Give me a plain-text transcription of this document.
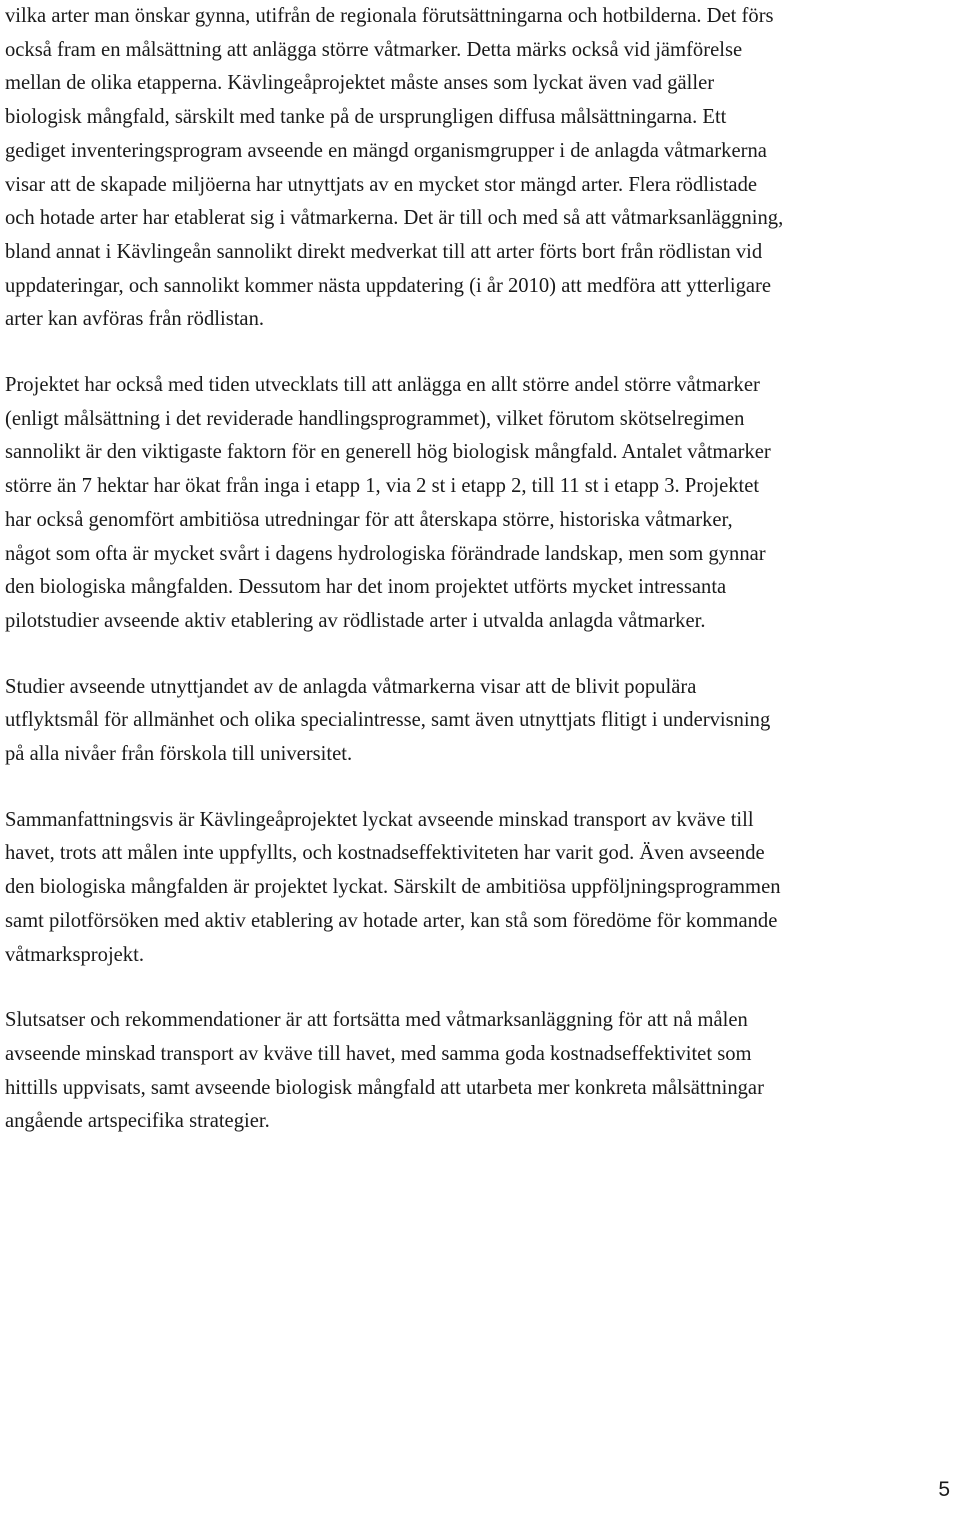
vilka arter man önskar gynna, utifrån de regionala förutsättningarna och hotbilderna. Det förs
också fram en målsättning att anlägga större våtmarker. Detta märks också vid jämförelse
mellan de olika etapperna. Kävlingeåprojektet måste anses som lyckat även vad gäller
biologisk mångfald, särskilt med tanke på de ursprungligen diffusa målsättningarna. Ett
gediget inventeringsprogram avseende en mängd organismgrupper i de anlagda våtmarkerna
visar att de skapade miljöerna har utnyttjats av en mycket stor mängd arter. Flera rödlistade
och hotade arter har etablerat sig i våtmarkerna. Det är till och med så att våtmarksanläggning,
bland annat i Kävlingeån sannolikt direkt medverkat till att arter förts bort från rödlistan vid
uppdateringar, och sannolikt kommer nästa uppdatering (i år 2010) att medföra att ytterligare
arter kan avföras från rödlistan.
Projektet har också med tiden utvecklats till att anlägga en allt större andel större våtmarker
(enligt målsättning i det reviderade handlingsprogrammet), vilket förutom skötselregimen
sannolikt är den viktigaste faktorn för en generell hög biologisk mångfald. Antalet våtmarker
större än 7 hektar har ökat från inga i etapp 1, via 2 st i etapp 2, till 11 st i etapp 3. Projektet
har också genomfört ambitiösa utredningar för att återskapa större, historiska våtmarker,
något som ofta är mycket svårt i dagens hydrologiska förändrade landskap, men som gynnar
den biologiska mångfalden. Dessutom har det inom projektet utförts mycket intressanta
pilotstudier avseende aktiv etablering av rödlistade arter i utvalda anlagda våtmarker.
Studier avseende utnyttjandet av de anlagda våtmarkerna visar att de blivit populära
utflyktsmål för allmänhet och olika specialintresse, samt även utnyttjats flitigt i undervisning
på alla nivåer från förskola till universitet.
Sammanfattningsvis är Kävlingeåprojektet lyckat avseende minskad transport av kväve till
havet, trots att målen inte uppfyllts, och kostnadseffektiviteten har varit god. Även avseende
den biologiska mångfalden är projektet lyckat. Särskilt de ambitiösa uppföljningsprogrammen
samt pilotförsöken med aktiv etablering av hotade arter, kan stå som föredöme för kommande
våtmarksprojekt.
Slutsatser och rekommendationer är att fortsätta med våtmarksanläggning för att nå målen
avseende minskad transport av kväve till havet, med samma goda kostnadseffektivitet som
hittills uppvisats, samt avseende biologisk mångfald att utarbeta mer konkreta målsättningar
angående artspecifika strategier.
5
